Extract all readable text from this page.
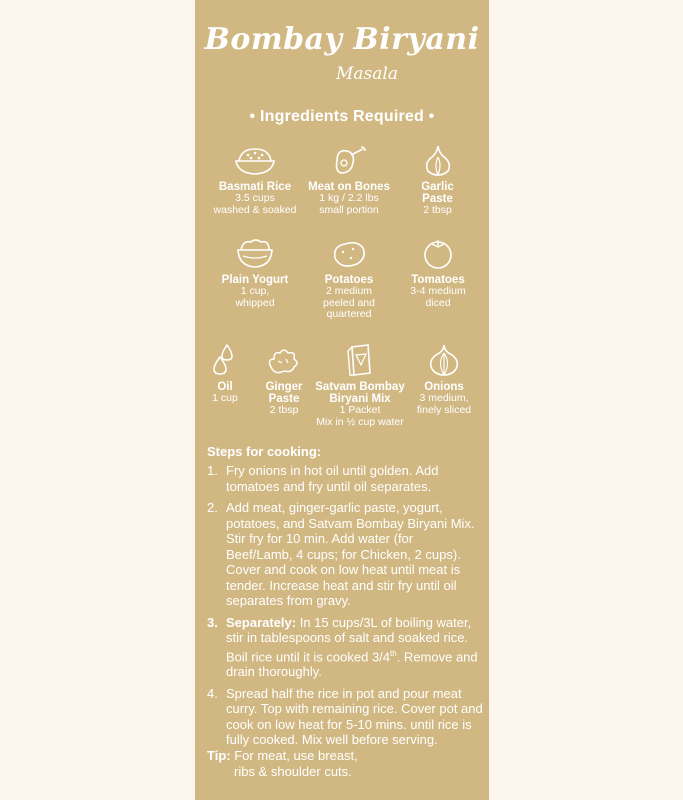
Bombay Biryani
Masala
• Ingredients Required •
Basmati Rice
3.5 cups
washed & soaked
Meat on Bones
1 kg / 2.2 lbs
small portion
Garlic Paste
2 tbsp
Plain Yogurt
1 cup,
whipped
Potatoes
2 medium
peeled and quartered
Tomatoes
3-4 medium
diced
Oil
1 cup
Ginger Paste
2 tbsp
Satvam Bombay Biryani Mix
1 Packet
Mix in ½ cup water
Onions
3 medium,
finely sliced
Steps for cooking:
1. Fry onions in hot oil until golden. Add tomatoes and fry until oil separates.
2. Add meat, ginger-garlic paste, yogurt, potatoes, and Satvam Bombay Biryani Mix. Stir fry for 10 min. Add water (for Beef/Lamb, 4 cups; for Chicken, 2 cups). Cover and cook on low heat until meat is tender. Increase heat and stir fry until oil separates from gravy.
3. Separately: In 15 cups/3L of boiling water, stir in tablespoons of salt and soaked rice. Boil rice until it is cooked 3/4th. Remove and drain thoroughly.
4. Spread half the rice in pot and pour meat curry. Top with remaining rice. Cover pot and cook on low heat for 5-10 mins. until rice is fully cooked. Mix well before serving.
Tip: For meat, use breast,
ribs & shoulder cuts.
